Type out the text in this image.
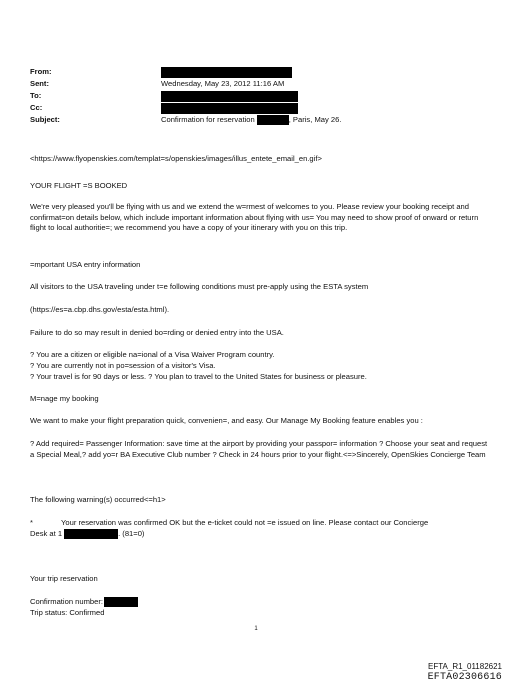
From:
Sent:	Wednesday, May 23, 2012 11:16 AM
To:
Cc:
Subject:	Confirmation for reservation	, Paris, May 26.

<https://www.flyopenskies.com/templat=s/openskies/images/illus_entete_email_en.gif>

YOUR FLIGHT =S BOOKED

We're very pleased you'll be flying with us and we extend the w=rmest of welcomes to you. Please review your booking receipt and confirmat=on details below, which include important information about flying with us= You may need to show proof of onward or return flight to local authoritie=; we recommend you have a copy of your itinerary with you on this trip.

=mportant USA entry information

All visitors to the USA traveling under t=e following conditions must pre-apply using the ESTA system

(https://es=a.cbp.dhs.gov/esta/esta.html).

Failure to do so may result in denied bo=rding or denied entry into the USA.

? You are a citizen or eligible na=ional of a Visa Waiver Program country.

? You are currently not in po=session of a visitor's Visa.

? Your travel is for 90 days or less. ? You plan to travel to the United States for business or pleasure.

M=nage my booking

We want to make your flight preparation quick, convenien=, and easy. Our Manage My Booking feature enables you :

? Add required= Passenger Information: save time at the airport by providing your passpor= information ? Choose your seat and request a Special Meal,? add yo=r BA Executive Club number ? Check in 24 hours prior to your flight.<=>Sincerely, OpenSkies Concierge Team

The following warning(s) occurred<=h1>

*	Your reservation was confirmed OK but the e-ticket could not =e issued on line. Please contact our Concierge
Desk at 1	. (81=0)

Your trip reservation

Confirmation number:

Trip status: Confirmed

1
EFTA_R1_01182621
EFTA02306616
